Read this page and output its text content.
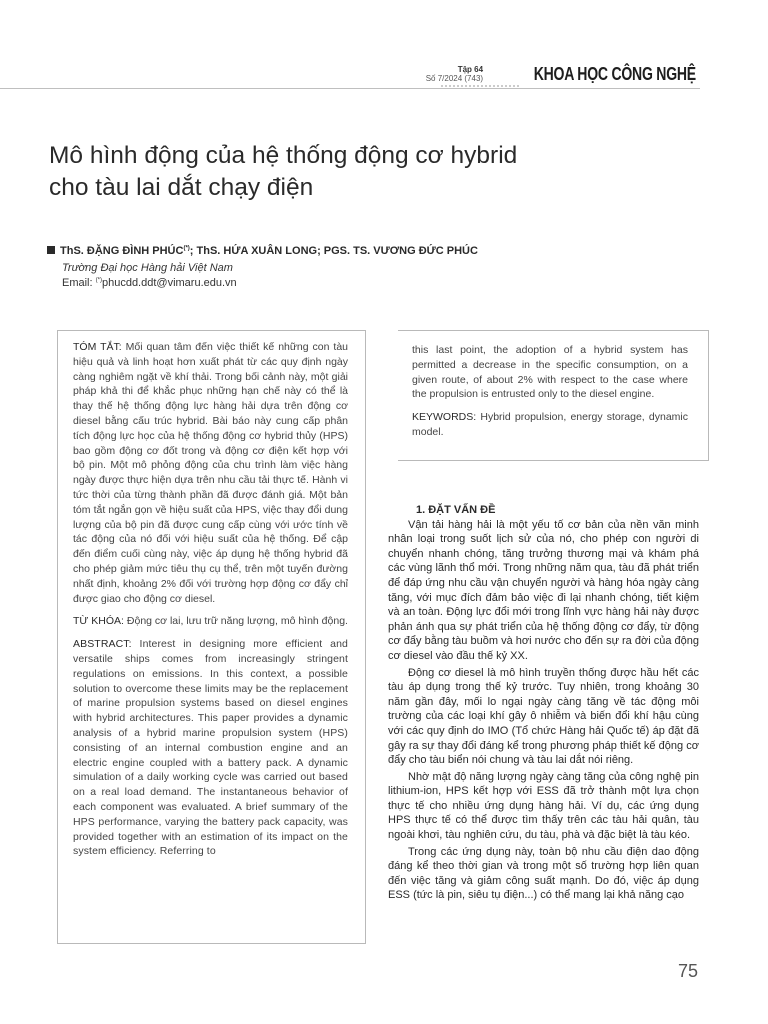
Tập 64
Số 7/2024 (743)	KHOA HỌC CÔNG NGHỆ
Mô hình động của hệ thống động cơ hybrid
cho tàu lai dắt chạy điện
ThS. ĐẶNG ĐÌNH PHÚC(*); ThS. HỨA XUÂN LONG; PGS. TS. VƯƠNG ĐỨC PHÚC
Trường Đại học Hàng hải Việt Nam
Email: (*)phucdd.ddt@vimaru.edu.vn

TÓM TẮT: Mối quan tâm đến việc thiết kế những con tàu hiệu quả và linh hoạt hơn xuất phát từ các quy định ngày càng nghiêm ngặt về khí thải. Trong bối cảnh này, một giải pháp khả thi để khắc phục những hạn chế này có thể là thay thế hệ thống động lực hàng hải dựa trên động cơ diesel bằng cấu trúc hybrid. Bài báo này cung cấp phân tích động lực học của hệ thống động cơ hybrid thủy (HPS) bao gồm động cơ đốt trong và động cơ điện kết hợp với bộ pin. Một mô phỏng động của chu trình làm việc hàng ngày được thực hiện dựa trên nhu cầu tải thực tế. Hành vi tức thời của từng thành phần đã được đánh giá. Một bản tóm tắt ngắn gọn về hiệu suất của HPS, việc thay đổi dung lượng của bộ pin đã được cung cấp cùng với ước tính về tác động của nó đối với hiệu suất của hệ thống. Để cập đến điểm cuối cùng này, việc áp dụng hệ thống hybrid đã cho phép giảm mức tiêu thụ cụ thể, trên một tuyến đường nhất định, khoảng 2% đối với trường hợp động cơ đẩy chỉ được giao cho động cơ diesel.

TỪ KHÓA: Động cơ lai, lưu trữ năng lượng, mô hình động.

ABSTRACT: Interest in designing more efficient and versatile ships comes from increasingly stringent regulations on emissions. In this context, a possible solution to overcome these limits may be the replacement of marine propulsion systems based on diesel engines with hybrid architectures. This paper provides a dynamic analysis of a hybrid marine propulsion system (HPS) consisting of an internal combustion engine and an electric engine coupled with a battery pack. A dynamic simulation of a daily working cycle was carried out based on a real load demand. The instantaneous behavior of each component was evaluated. A brief summary of the HPS performance, varying the battery pack capacity, was provided together with an estimation of its impact on the system efficiency. Referring to

this last point, the adoption of a hybrid system has permitted a decrease in the specific consumption, on a given route, of about 2% with respect to the case where the propulsion is entrusted only to the diesel engine.

KEYWORDS: Hybrid propulsion, energy storage, dynamic model.

1. ĐẶT VẤN ĐỀ

Vận tải hàng hải là một yếu tố cơ bản của nền văn minh nhân loại trong suốt lịch sử của nó, cho phép con người di chuyển nhanh chóng, tăng trưởng thương mại và khám phá các vùng lãnh thổ mới. Trong những năm qua, tàu đã phát triển để đáp ứng nhu cầu vận chuyển người và hàng hóa ngày càng tăng, với mục đích đảm bảo việc đi lại nhanh chóng, tiết kiệm và an toàn. Động lực đổi mới trong lĩnh vực hàng hải này được phản ánh qua sự phát triển của hệ thống động cơ đẩy, từ động cơ đẩy bằng tàu buồm và hơi nước cho đến sự ra đời của động cơ diesel vào đầu thế kỷ XX.

Động cơ diesel là mô hình truyền thống được hầu hết các tàu áp dụng trong thế kỷ trước. Tuy nhiên, trong khoảng 30 năm gần đây, mối lo ngại ngày càng tăng về tác động môi trường của các loại khí gây ô nhiễm và biến đổi khí hậu cùng với các quy định do IMO (Tổ chức Hàng hải Quốc tế) áp đặt đã gây ra sự thay đổi đáng kể trong phương pháp thiết kế động cơ đẩy cho tàu biển nói chung và tàu lai dắt nói riêng.

Nhờ mật độ năng lượng ngày càng tăng của công nghệ pin lithium-ion, HPS kết hợp với ESS đã trở thành một lựa chọn thực tế cho nhiều ứng dụng hàng hải. Ví dụ, các ứng dụng HPS thực tế có thể được tìm thấy trên các tàu hải quân, tàu ngoài khơi, tàu nghiên cứu, du tàu, phà và đặc biệt là tàu kéo.

Trong các ứng dụng này, toàn bộ nhu cầu điện dao động đáng kể theo thời gian và trong một số trường hợp liên quan đến việc tăng và giảm công suất mạnh. Do đó, việc áp dụng ESS (tức là pin, siêu tụ điện...) có thể mang lại khả năng cạo

75
